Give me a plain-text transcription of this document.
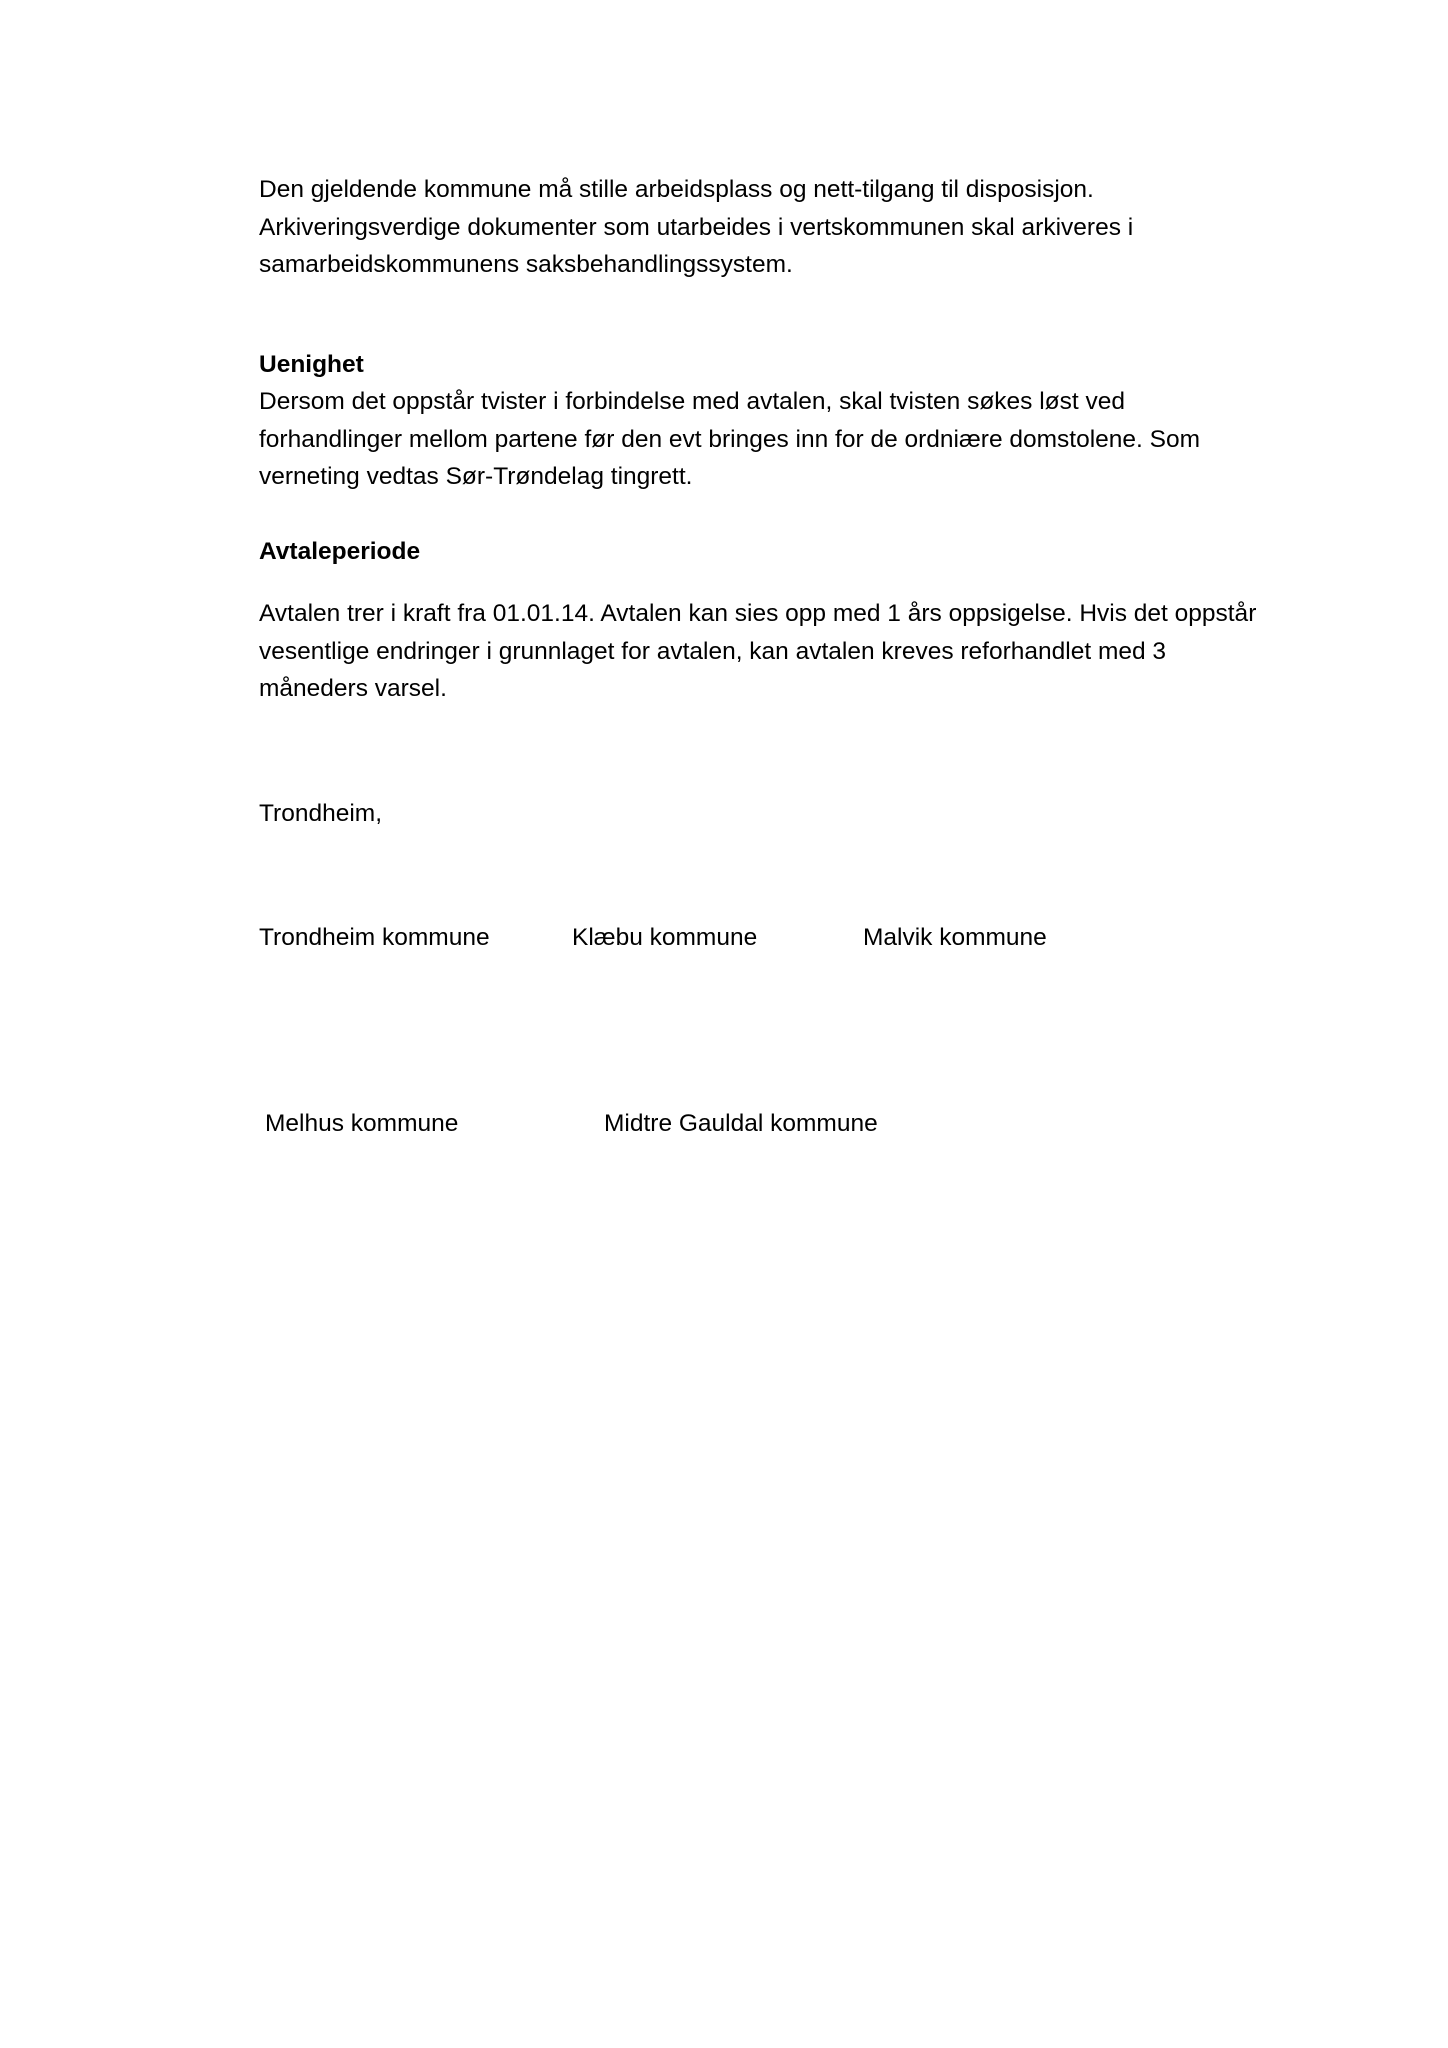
Den gjeldende kommune må stille arbeidsplass og nett-tilgang til disposisjon.
Arkiveringsverdige dokumenter som utarbeides i vertskommunen skal arkiveres i
samarbeidskommunens saksbehandlingssystem.

Uenighet

Dersom det oppstår tvister i forbindelse med avtalen, skal tvisten søkes løst ved
forhandlinger mellom partene før den evt bringes inn for de ordniære domstolene. Som
verneting vedtas Sør-Trøndelag tingrett.

Avtaleperiode

Avtalen trer i kraft fra 01.01.14. Avtalen kan sies opp med 1 års oppsigelse. Hvis det oppstår
vesentlige endringer i grunnlaget for avtalen, kan avtalen kreves reforhandlet med 3
måneders varsel.

Trondheim,
Trondheim kommune	Klæbu kommune	Malvik kommune
Melhus kommune	Midtre Gauldal kommune
